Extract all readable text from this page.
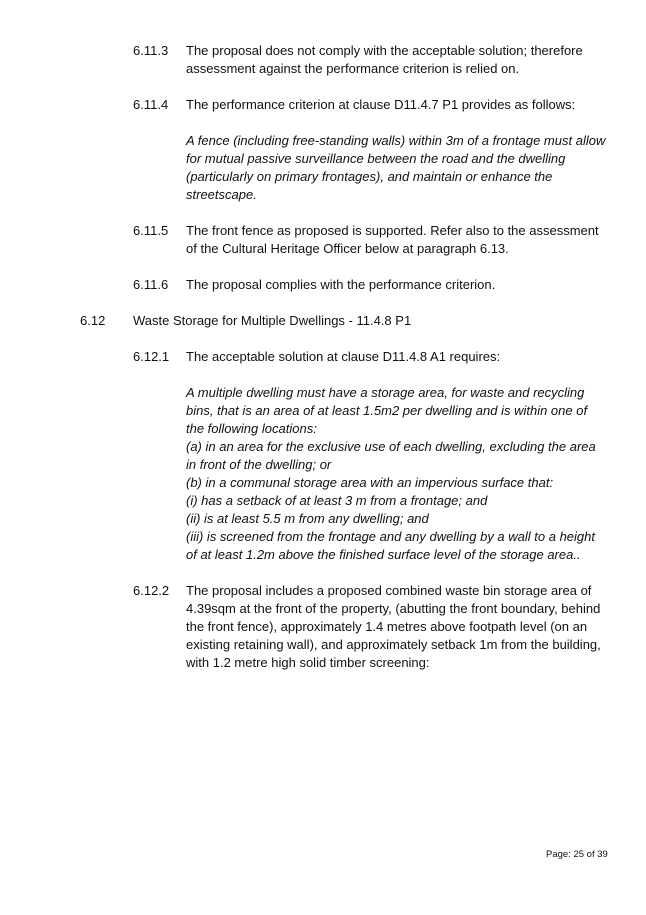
6.11.3 The proposal does not comply with the acceptable solution; therefore
assessment against the performance criterion is relied on.
6.11.4 The performance criterion at clause D11.4.7 P1 provides as follows:
A fence (including free-standing walls) within 3m of a frontage must allow
for mutual passive surveillance between the road and the dwelling
(particularly on primary frontages), and maintain or enhance the
streetscape.
6.11.5 The front fence as proposed is supported. Refer also to the assessment
of the Cultural Heritage Officer below at paragraph 6.13.
6.11.6 The proposal complies with the performance criterion.
6.12 Waste Storage for Multiple Dwellings - 11.4.8 P1
6.12.1 The acceptable solution at clause D11.4.8 A1 requires:
A multiple dwelling must have a storage area, for waste and recycling
bins, that is an area of at least 1.5m2 per dwelling and is within one of
the following locations:
(a) in an area for the exclusive use of each dwelling, excluding the area
in front of the dwelling; or
(b) in a communal storage area with an impervious surface that:
(i) has a setback of at least 3 m from a frontage; and
(ii) is at least 5.5 m from any dwelling; and
(iii) is screened from the frontage and any dwelling by a wall to a height
of at least 1.2m above the finished surface level of the storage area..
6.12.2 The proposal includes a proposed combined waste bin storage area of
4.39sqm at the front of the property, (abutting the front boundary, behind
the front fence), approximately 1.4 metres above footpath level (on an
existing retaining wall), and approximately setback 1m from the building,
with 1.2 metre high solid timber screening:
Page: 25 of 39
